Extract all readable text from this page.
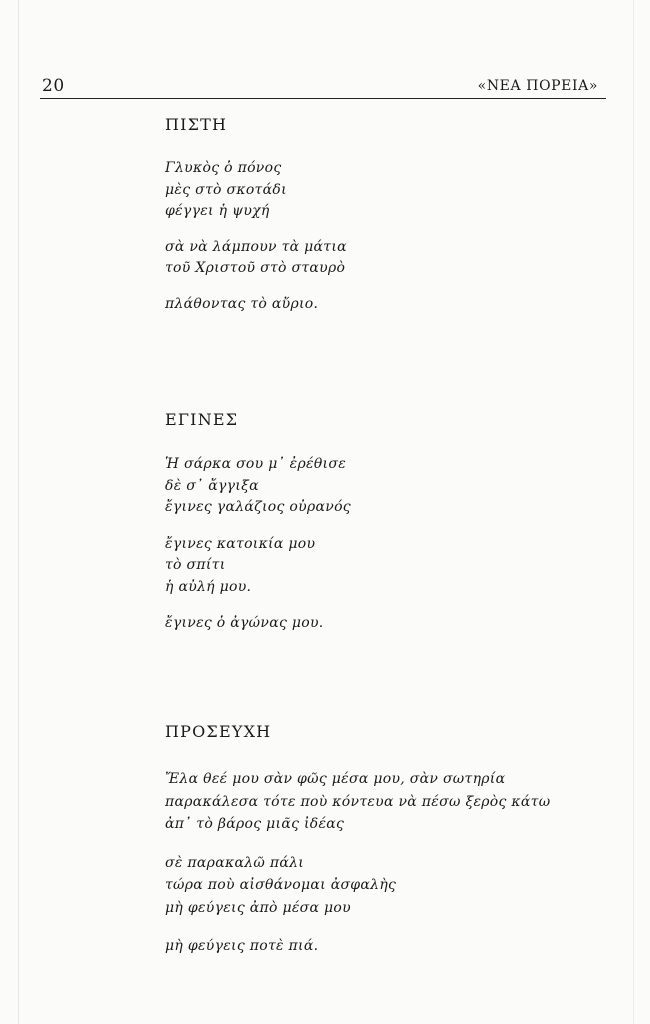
20	«ΝΕΑ ΠΟΡΕΙΑ»
ΠΙΣΤΗ
Γλυκὸς ὁ πόνος
μὲς στὸ σκοτάδι
φέγγει ἡ ψυχή
σὰ νὰ λάμπουν τὰ μάτια
τοῦ Χριστοῦ στὸ σταυρὸ
πλάθοντας τὸ αὔριο.
ΕΓΙΝΕΣ
Ἡ σάρκα σου μ᾽ ἐρέθισε
δὲ σ᾽ ἄγγιξα
ἔγινες γαλάζιος οὐρανός
ἔγινες κατοικία μου
τὸ σπίτι
ἡ αὐλή μου.
ἔγινες ὁ ἀγώνας μου.
ΠΡΟΣΕΥΧΗ
Ἔλα θεέ μου σὰν φῶς μέσα μου, σὰν σωτηρία
παρακάλεσα τότε ποὺ κόντευα νὰ πέσω ξερὸς κάτω
ἀπ᾽ τὸ βάρος μιᾶς ἰδέας
σὲ παρακαλῶ πάλι
τώρα ποὺ αἰσθάνομαι ἀσφαλὴς
μὴ φεύγεις ἀπὸ μέσα μου
μὴ φεύγεις ποτὲ πιά.
